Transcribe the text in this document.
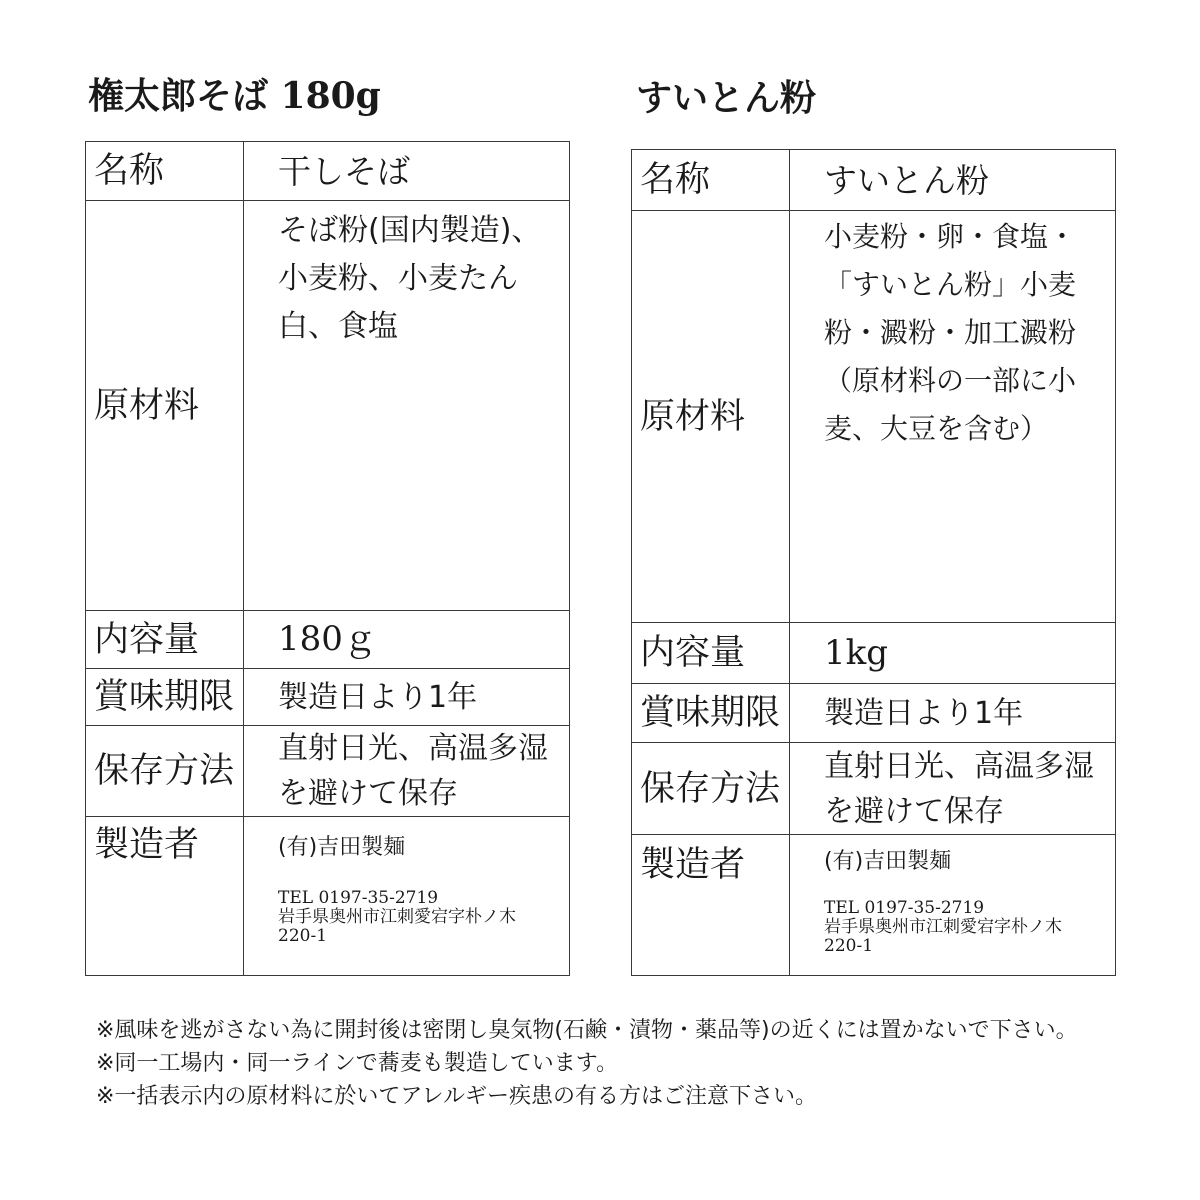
権太郎そば 180g	すいとん粉
名称	干しそば
原材料	そば粉(国内製造)、小麦粉、小麦たん白、食塩
内容量	180ｇ
賞味期限	製造日より1年
保存方法	直射日光、高温多湿を避けて保存
製造者	(有)吉田製麺
TEL 0197-35-2719
岩手県奥州市江刺愛宕字朴ノ木220-1
名称	すいとん粉
原材料	小麦粉・卵・食塩・「すいとん粉」小麦粉・澱粉・加工澱粉（原材料の一部に小麦、大豆を含む）
内容量	1kg
賞味期限	製造日より1年
保存方法	直射日光、高温多湿を避けて保存
製造者	(有)吉田製麺
TEL 0197-35-2719
岩手県奥州市江刺愛宕字朴ノ木220-1

※風味を逃がさない為に開封後は密閉し臭気物(石鹸・漬物・薬品等)の近くには置かないで下さい。

※同一工場内・同一ラインで蕎麦も製造しています。

※一括表示内の原材料に於いてアレルギー疾患の有る方はご注意下さい。
